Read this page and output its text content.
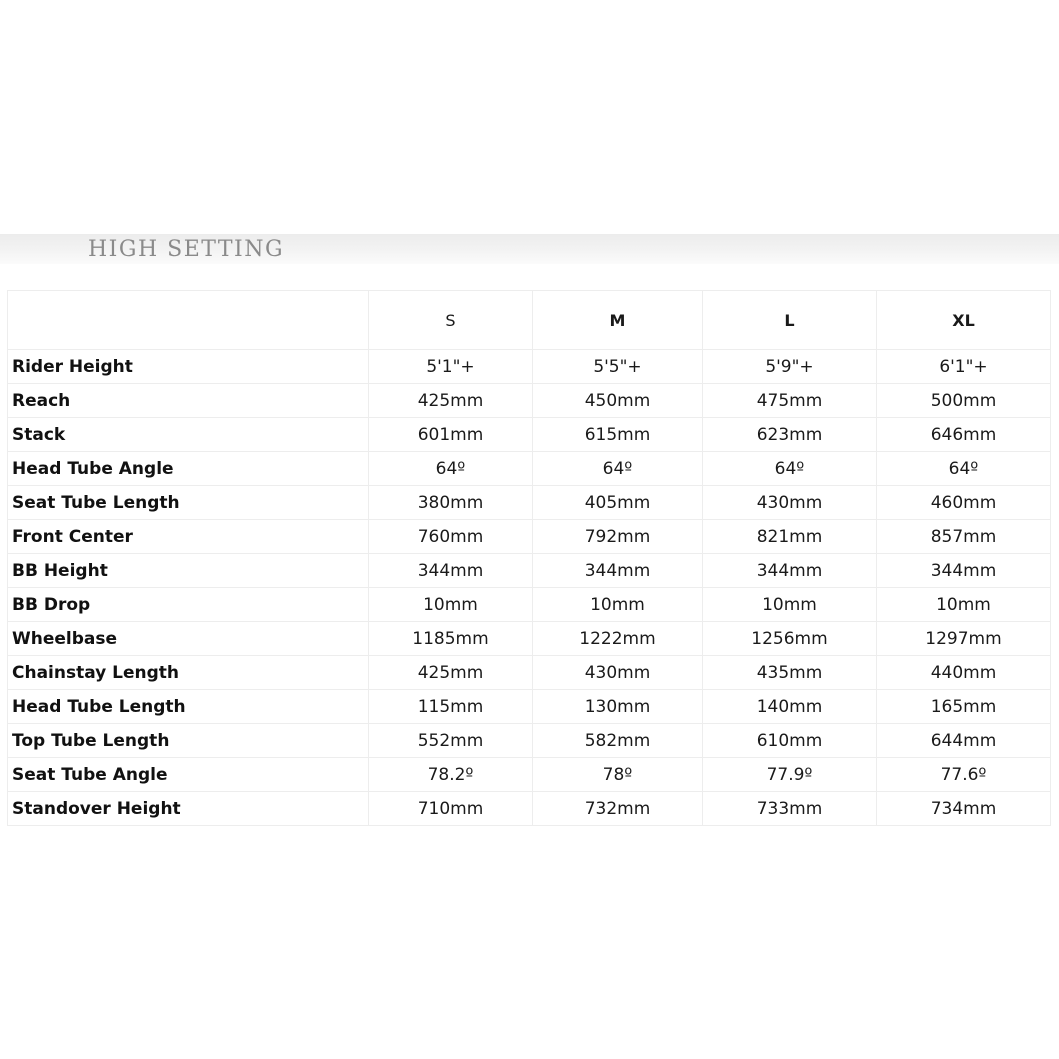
HIGH SETTING
	S	M	L	XL
Rider Height	5'1"+	5'5"+	5'9"+	6'1"+
Reach	425mm	450mm	475mm	500mm
Stack	601mm	615mm	623mm	646mm
Head Tube Angle	64º	64º	64º	64º
Seat Tube Length	380mm	405mm	430mm	460mm
Front Center	760mm	792mm	821mm	857mm
BB Height	344mm	344mm	344mm	344mm
BB Drop	10mm	10mm	10mm	10mm
Wheelbase	1185mm	1222mm	1256mm	1297mm
Chainstay Length	425mm	430mm	435mm	440mm
Head Tube Length	115mm	130mm	140mm	165mm
Top Tube Length	552mm	582mm	610mm	644mm
Seat Tube Angle	78.2º	78º	77.9º	77.6º
Standover Height	710mm	732mm	733mm	734mm
